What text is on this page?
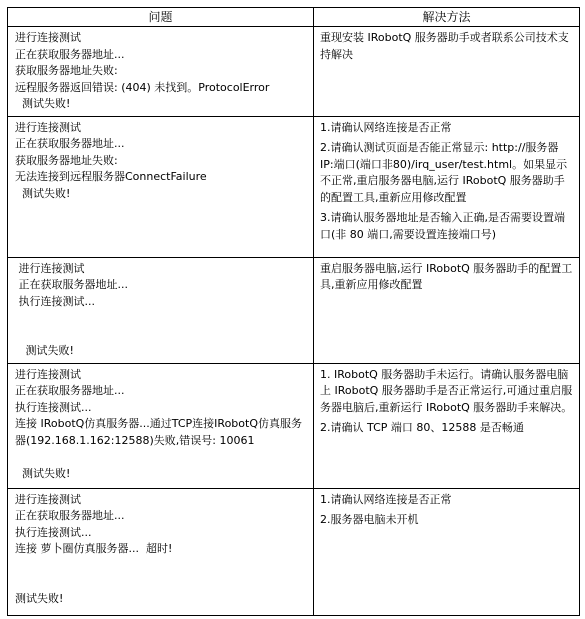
问题	解决方法

进行连接测试
正在获取服务器地址...
获取服务器地址失败:
远程服务器返回错误: (404) 未找到。ProtocolError
测试失败!	重现安装 IRobotQ 服务器助手或者联系公司技术支持解决

进行连接测试
正在获取服务器地址...
获取服务器地址失败:
无法连接到远程服务器ConnectFailure
测试失败!	1.请确认网络连接是否正常
2.请确认测试页面是否能正常显示: http://服务器 IP:端口(端口非80)/irq_user/test.html。如果显示不正常,重启服务器电脑,运行 IRobotQ 服务器助手的配置工具,重新应用修改配置
3.请确认服务器地址是否输入正确,是否需要设置端口(非 80 端口,需要设置连接端口号)

进行连接测试
正在获取服务器地址...
执行连接测试...

测试失败!	重启服务器电脑,运行 IRobotQ 服务器助手的配置工具,重新应用修改配置

进行连接测试
正在获取服务器地址...
执行连接测试...
连接 IRobotQ仿真服务器...通过TCP连接IRobotQ仿真服务器(192.168.1.162:12588)失败,错误号: 10061

测试失败!	1. IRobotQ 服务器助手未运行。请确认服务器电脑上 IRobotQ 服务器助手是否正常运行,可通过重启服务器电脑后,重新运行 IRobotQ 服务器助手来解决。
2.请确认 TCP 端口 80、12588 是否畅通

进行连接测试
正在获取服务器地址...
执行连接测试...
连接 萝卜圈仿真服务器...  超时!

测试失败!	1.请确认网络连接是否正常
2.服务器电脑未开机
